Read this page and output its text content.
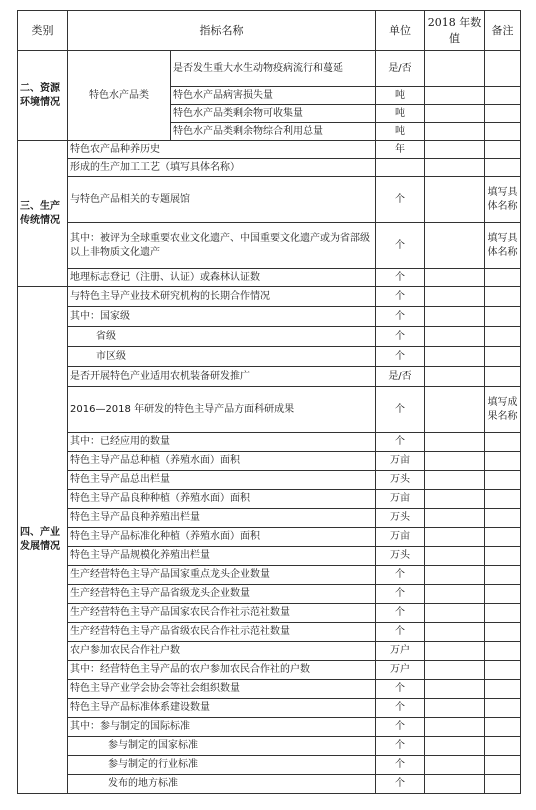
类别	指标名称		单位	2018 年数值	备注
二、资源环境情况	特色水产品类	是否发生重大水生动物疫病流行和蔓延	是/否		
		特色水产品病害损失量	吨		
		特色水产品类剩余物可收集量	吨		
		特色水产品类剩余物综合利用总量	吨		
三、生产传统情况	特色农产品种养历史		年		
	形成的生产加工工艺（填写具体名称）				
	与特色产品相关的专题展馆		个		填写具体名称
	其中：被评为全球重要农业文化遗产、中国重要文化遗产或为省部级以上非物质文化遗产		个		填写具体名称
	地理标志登记（注册、认证）或森林认证数		个		
四、产业发展情况	与特色主导产业技术研究机构的长期合作情况		个		
	其中：国家级		个		
	省级		个		
	市区级		个		
	是否开展特色产业适用农机装备研发推广		是/否		
	2016—2018 年研发的特色主导产品方面科研成果		个		填写成果名称
	其中：已经应用的数量		个		
	特色主导产品总种植（养殖水面）面积		万亩		
	特色主导产品总出栏量		万头		
	特色主导产品良种种植（养殖水面）面积		万亩		
	特色主导产品良种养殖出栏量		万头		
	特色主导产品标准化种植（养殖水面）面积		万亩		
	特色主导产品规模化养殖出栏量		万头		
	生产经营特色主导产品国家重点龙头企业数量		个		
	生产经营特色主导产品省级龙头企业数量		个		
	生产经营特色主导产品国家农民合作社示范社数量		个		
	生产经营特色主导产品省级农民合作社示范社数量		个		
	农户参加农民合作社户数		万户		
	其中：经营特色主导产品的农户参加农民合作社的户数		万户		
	特色主导产业学会协会等社会组织数量		个		
	特色主导产品标准体系建设数量		个		
	其中：参与制定的国际标准		个		
	参与制定的国家标准		个		
	参与制定的行业标准		个		
	发布的地方标准		个		
